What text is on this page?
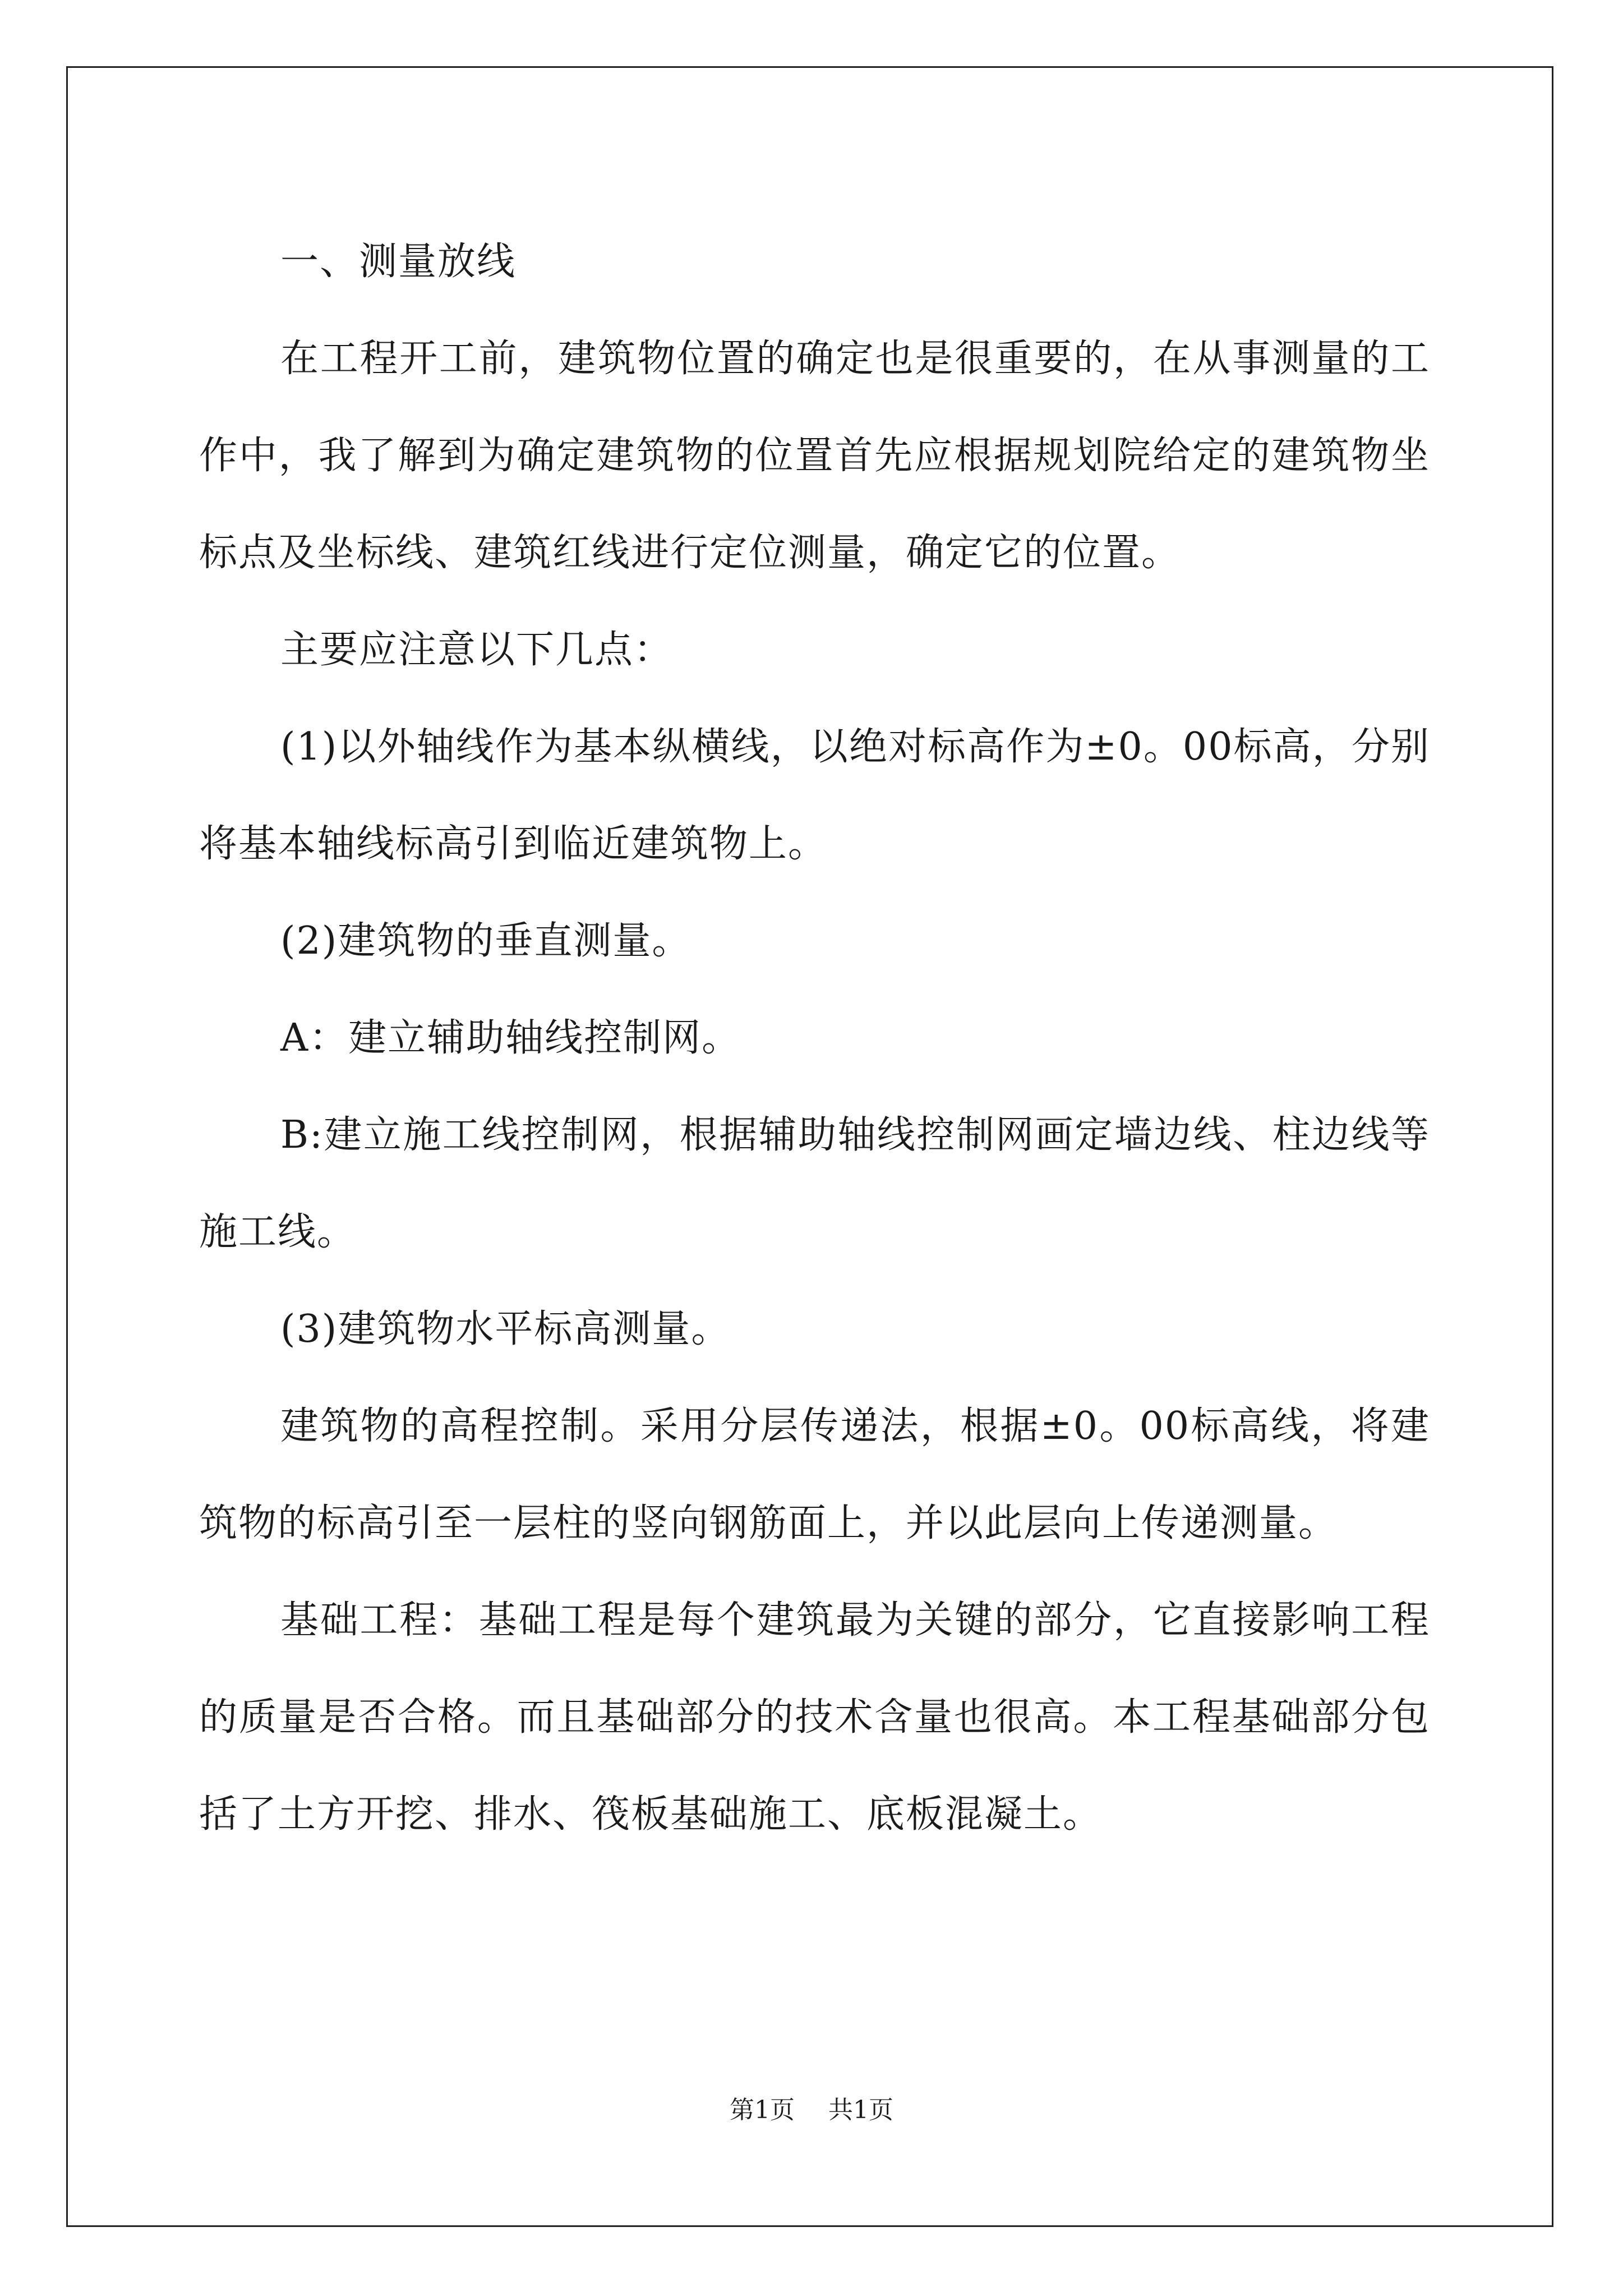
一、测量放线

在工程开工前，建筑物位置的确定也是很重要的，在从事测量的工作中，我了解到为确定建筑物的位置首先应根据规划院给定的建筑物坐标点及坐标线、建筑红线进行定位测量，确定它的位置。

主要应注意以下几点：

(1)以外轴线作为基本纵横线，以绝对标高作为±0。00标高，分别将基本轴线标高引到临近建筑物上。

(2)建筑物的垂直测量。

A：建立辅助轴线控制网。

B:建立施工线控制网，根据辅助轴线控制网画定墙边线、柱边线等施工线。

(3)建筑物水平标高测量。

建筑物的高程控制。采用分层传递法，根据±0。00标高线，将建筑物的标高引至一层柱的竖向钢筋面上，并以此层向上传递测量。

基础工程：基础工程是每个建筑最为关键的部分，它直接影响工程的质量是否合格。而且基础部分的技术含量也很高。本工程基础部分包括了土方开挖、排水、筏板基础施工、底板混凝土。

第1页 共1页
